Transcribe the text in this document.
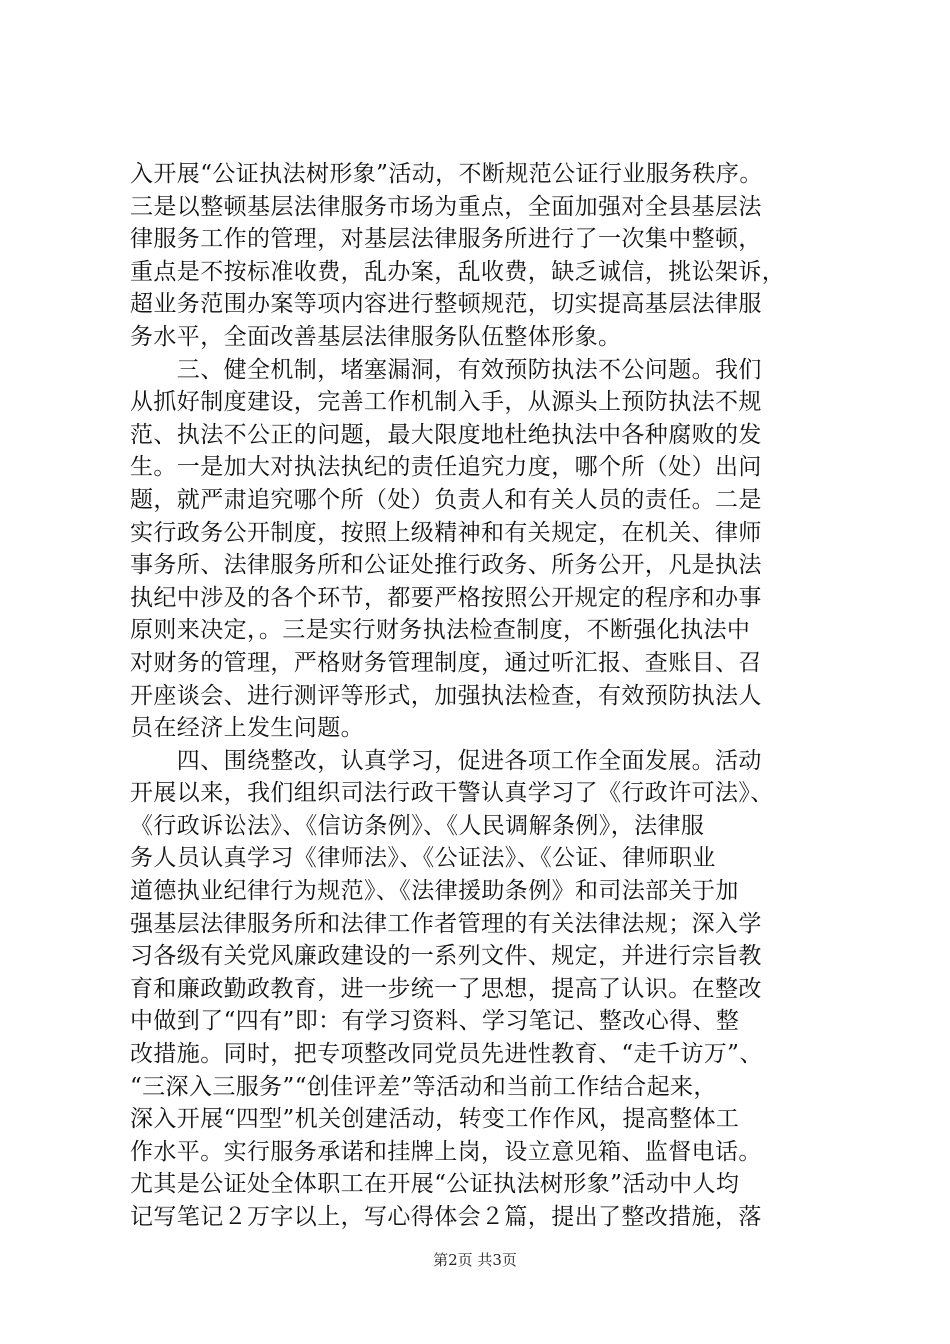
入开展“公证执法树形象”活动，不断规范公证行业服务秩序。
三是以整顿基层法律服务市场为重点，全面加强对全县基层法
律服务工作的管理，对基层法律服务所进行了一次集中整顿，
重点是不按标准收费，乱办案，乱收费，缺乏诚信，挑讼架诉，
超业务范围办案等项内容进行整顿规范，切实提高基层法律服
务水平，全面改善基层法律服务队伍整体形象。
　　三、健全机制，堵塞漏洞，有效预防执法不公问题。我们
从抓好制度建设，完善工作机制入手，从源头上预防执法不规
范、执法不公正的问题，最大限度地杜绝执法中各种腐败的发
生。一是加大对执法执纪的责任追究力度，哪个所（处）出问
题，就严肃追究哪个所（处）负责人和有关人员的责任。二是
实行政务公开制度，按照上级精神和有关规定，在机关、律师
事务所、法律服务所和公证处推行政务、所务公开，凡是执法
执纪中涉及的各个环节，都要严格按照公开规定的程序和办事
原则来决定，。三是实行财务执法检查制度，不断强化执法中
对财务的管理，严格财务管理制度，通过听汇报、查账目、召
开座谈会、进行测评等形式，加强执法检查，有效预防执法人
员在经济上发生问题。
　　四、围绕整改，认真学习，促进各项工作全面发展。活动
开展以来，我们组织司法行政干警认真学习了《行政许可法》、
《行政诉讼法》、《信访条例》、《人民调解条例》，法律服
务人员认真学习《律师法》、《公证法》、《公证、律师职业
道德执业纪律行为规范》、《法律援助条例》和司法部关于加
强基层法律服务所和法律工作者管理的有关法律法规；深入学
习各级有关党风廉政建设的一系列文件、规定，并进行宗旨教
育和廉政勤政教育，进一步统一了思想，提高了认识。在整改
中做到了“四有”即：有学习资料、学习笔记、整改心得、整
改措施。同时，把专项整改同党员先进性教育、“走千访万”、
“三深入三服务”“创佳评差”等活动和当前工作结合起来，
深入开展“四型”机关创建活动，转变工作作风，提高整体工
作水平。实行服务承诺和挂牌上岗，设立意见箱、监督电话。
尤其是公证处全体职工在开展“公证执法树形象”活动中人均
记写笔记２万字以上，写心得体会２篇，提出了整改措施，落
第2页 共3页
